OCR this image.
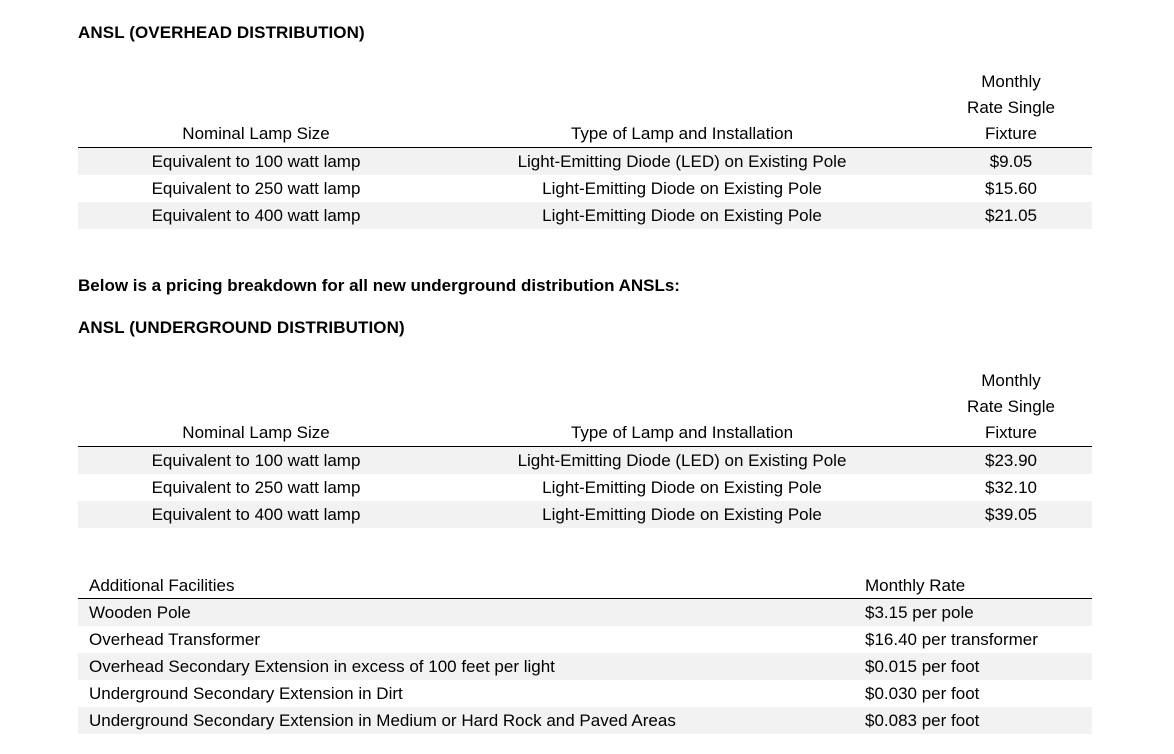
ANSL (OVERHEAD DISTRIBUTION)
Nominal Lamp Size	Type of Lamp and Installation
Monthly
Rate Single
Fixture
Equivalent to 100 watt lamp	Light-Emitting Diode (LED) on Existing Pole	$9.05
Equivalent to 250 watt lamp	Light-Emitting Diode on Existing Pole	$15.60
Equivalent to 400 watt lamp	Light-Emitting Diode on Existing Pole	$21.05
Below is a pricing breakdown for all new underground distribution ANSLs:
ANSL (UNDERGROUND DISTRIBUTION)
Nominal Lamp Size	Type of Lamp and Installation
Monthly
Rate Single
Fixture
Equivalent to 100 watt lamp	Light-Emitting Diode (LED) on Existing Pole	$23.90
Equivalent to 250 watt lamp	Light-Emitting Diode on Existing Pole	$32.10
Equivalent to 400 watt lamp	Light-Emitting Diode on Existing Pole	$39.05
Additional Facilities	Monthly Rate
Wooden Pole	$3.15 per pole
Overhead Transformer	$16.40 per transformer
Overhead Secondary Extension in excess of 100 feet per light	$0.015 per foot
Underground Secondary Extension in Dirt	$0.030 per foot
Underground Secondary Extension in Medium or Hard Rock and Paved Areas	$0.083 per foot
